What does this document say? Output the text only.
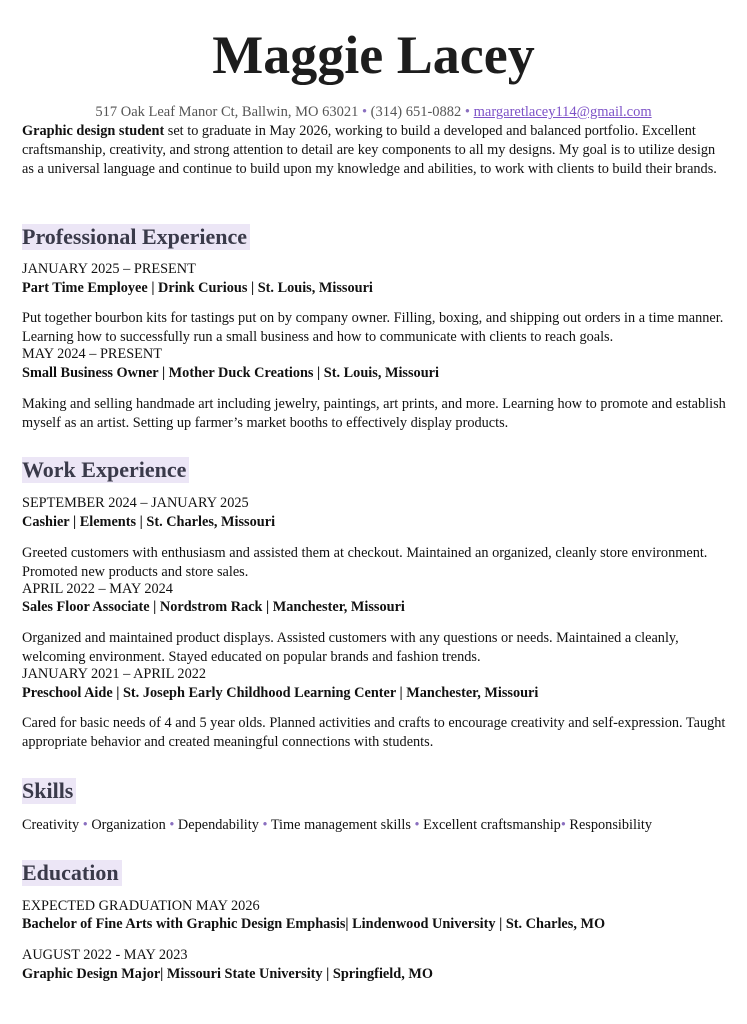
Maggie Lacey
517 Oak Leaf Manor Ct, Ballwin, MO 63021 • (314) 651-0882 • margaretlacey114@gmail.com

Graphic design student set to graduate in May 2026, working to build a developed and balanced portfolio. Excellent craftsmanship, creativity, and strong attention to detail are key components to all my designs. My goal is to utilize design as a universal language and continue to build upon my knowledge and abilities, to work with clients to build their brands.

Professional Experience

JANUARY 2025 – PRESENT

Part Time Employee | Drink Curious | St. Louis, Missouri

Put together bourbon kits for tastings put on by company owner. Filling, boxing, and shipping out orders in a time manner. Learning how to successfully run a small business and how to communicate with clients to reach goals.

MAY 2024 – PRESENT

Small Business Owner | Mother Duck Creations | St. Louis, Missouri

Making and selling handmade art including jewelry, paintings, art prints, and more. Learning how to promote and establish myself as an artist. Setting up farmer’s market booths to effectively display products.

Work Experience

SEPTEMBER 2024 – JANUARY 2025

Cashier | Elements | St. Charles, Missouri

Greeted customers with enthusiasm and assisted them at checkout. Maintained an organized, cleanly store environment. Promoted new products and store sales.

APRIL 2022 – MAY 2024

Sales Floor Associate | Nordstrom Rack | Manchester, Missouri

Organized and maintained product displays. Assisted customers with any questions or needs. Maintained a cleanly, welcoming environment. Stayed educated on popular brands and fashion trends.

JANUARY 2021 – APRIL 2022

Preschool Aide | St. Joseph Early Childhood Learning Center | Manchester, Missouri

Cared for basic needs of 4 and 5 year olds. Planned activities and crafts to encourage creativity and self-expression. Taught appropriate behavior and created meaningful connections with students.

Skills

Creativity • Organization • Dependability • Time management skills • Excellent craftsmanship• Responsibility

Education

EXPECTED GRADUATION MAY 2026

Bachelor of Fine Arts with Graphic Design Emphasis| Lindenwood University | St. Charles, MO

AUGUST 2022 - MAY 2023

Graphic Design Major| Missouri State University | Springfield, MO
